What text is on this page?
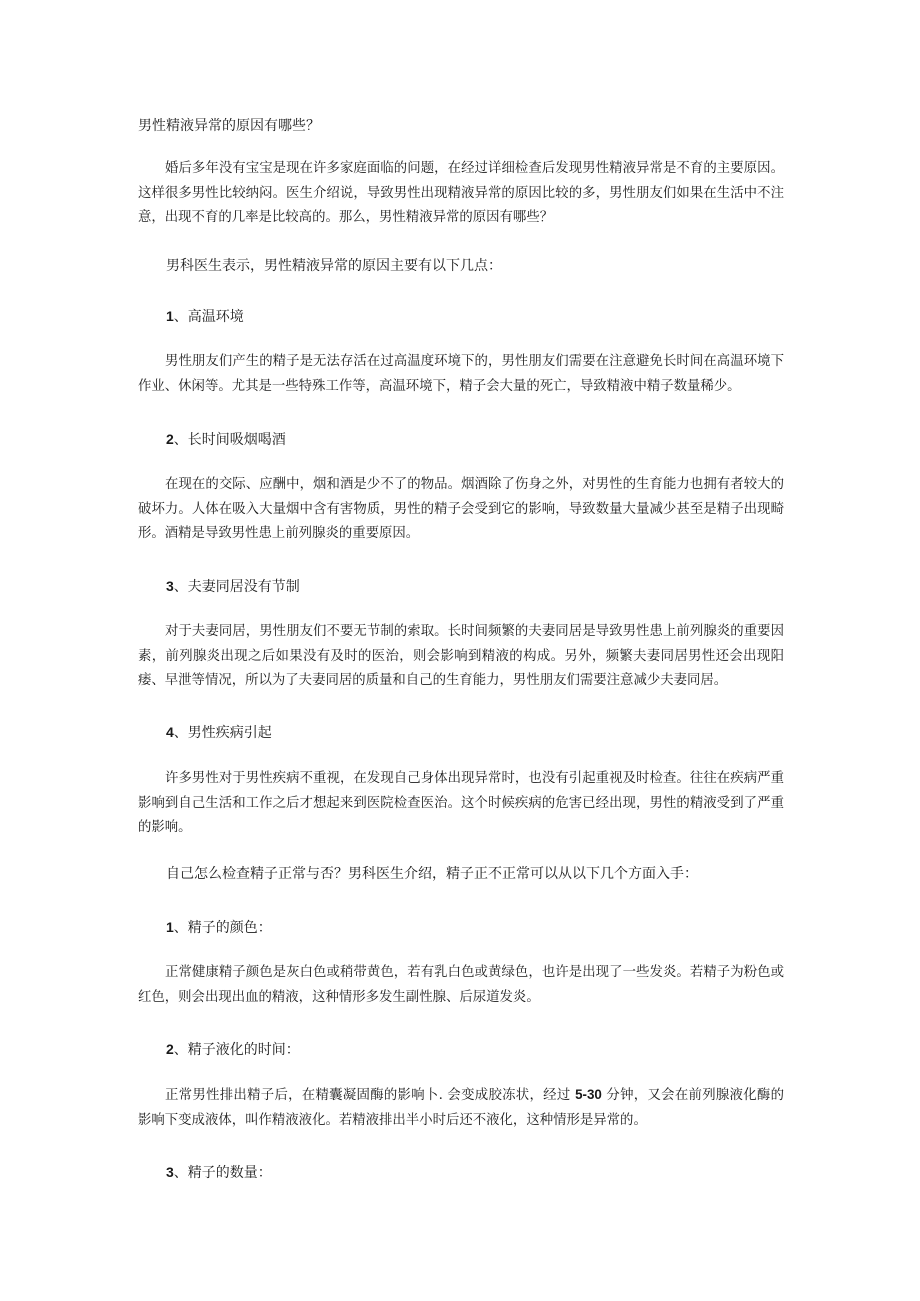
男性精液异常的原因有哪些？

婚后多年没有宝宝是现在许多家庭面临的问题，在经过详细检查后发现男性精液异常是不育的主要原因。这样很多男性比较纳闷。医生介绍说，导致男性出现精液异常的原因比较的多，男性朋友们如果在生活中不注意，出现不育的几率是比较高的。那么，男性精液异常的原因有哪些？

男科医生表示，男性精液异常的原因主要有以下几点：
1、高温环境

男性朋友们产生的精子是无法存活在过高温度环境下的，男性朋友们需要在注意避免长时间在高温环境下作业、休闲等。尤其是一些特殊工作等，高温环境下，精子会大量的死亡，导致精液中精子数量稀少。

2、长时间吸烟喝酒

在现在的交际、应酬中，烟和酒是少不了的物品。烟酒除了伤身之外，对男性的生育能力也拥有者较大的破坏力。人体在吸入大量烟中含有害物质，男性的精子会受到它的影响，导致数量大量减少甚至是精子出现畸形。酒精是导致男性患上前列腺炎的重要原因。

3、夫妻同居没有节制

对于夫妻同居，男性朋友们不要无节制的索取。长时间频繁的夫妻同居是导致男性患上前列腺炎的重要因素，前列腺炎出现之后如果没有及时的医治，则会影响到精液的构成。另外，频繁夫妻同居男性还会出现阳痿、早泄等情况，所以为了夫妻同居的质量和自己的生育能力，男性朋友们需要注意减少夫妻同居。

4、男性疾病引起

许多男性对于男性疾病不重视，在发现自己身体出现异常时，也没有引起重视及时检查。往往在疾病严重影响到自己生活和工作之后才想起来到医院检查医治。这个时候疾病的危害已经出现，男性的精液受到了严重的影响。

自己怎么检查精子正常与否？男科医生介绍，精子正不正常可以从以下几个方面入手：
1、精子的颜色：

正常健康精子颜色是灰白色或稍带黄色，若有乳白色或黄绿色，也许是出现了一些发炎。若精子为粉色或红色，则会出现出血的精液，这种情形多发生副性腺、后尿道发炎。

2、精子液化的时间：

正常男性排出精子后，在精囊凝固酶的影响卜. 会变成胶冻状，经过 5-30 分钟，又会在前列腺液化酶的影响下变成液体，叫作精液液化。若精液排出半小时后还不液化，这种情形是异常的。

3、精子的数量：
